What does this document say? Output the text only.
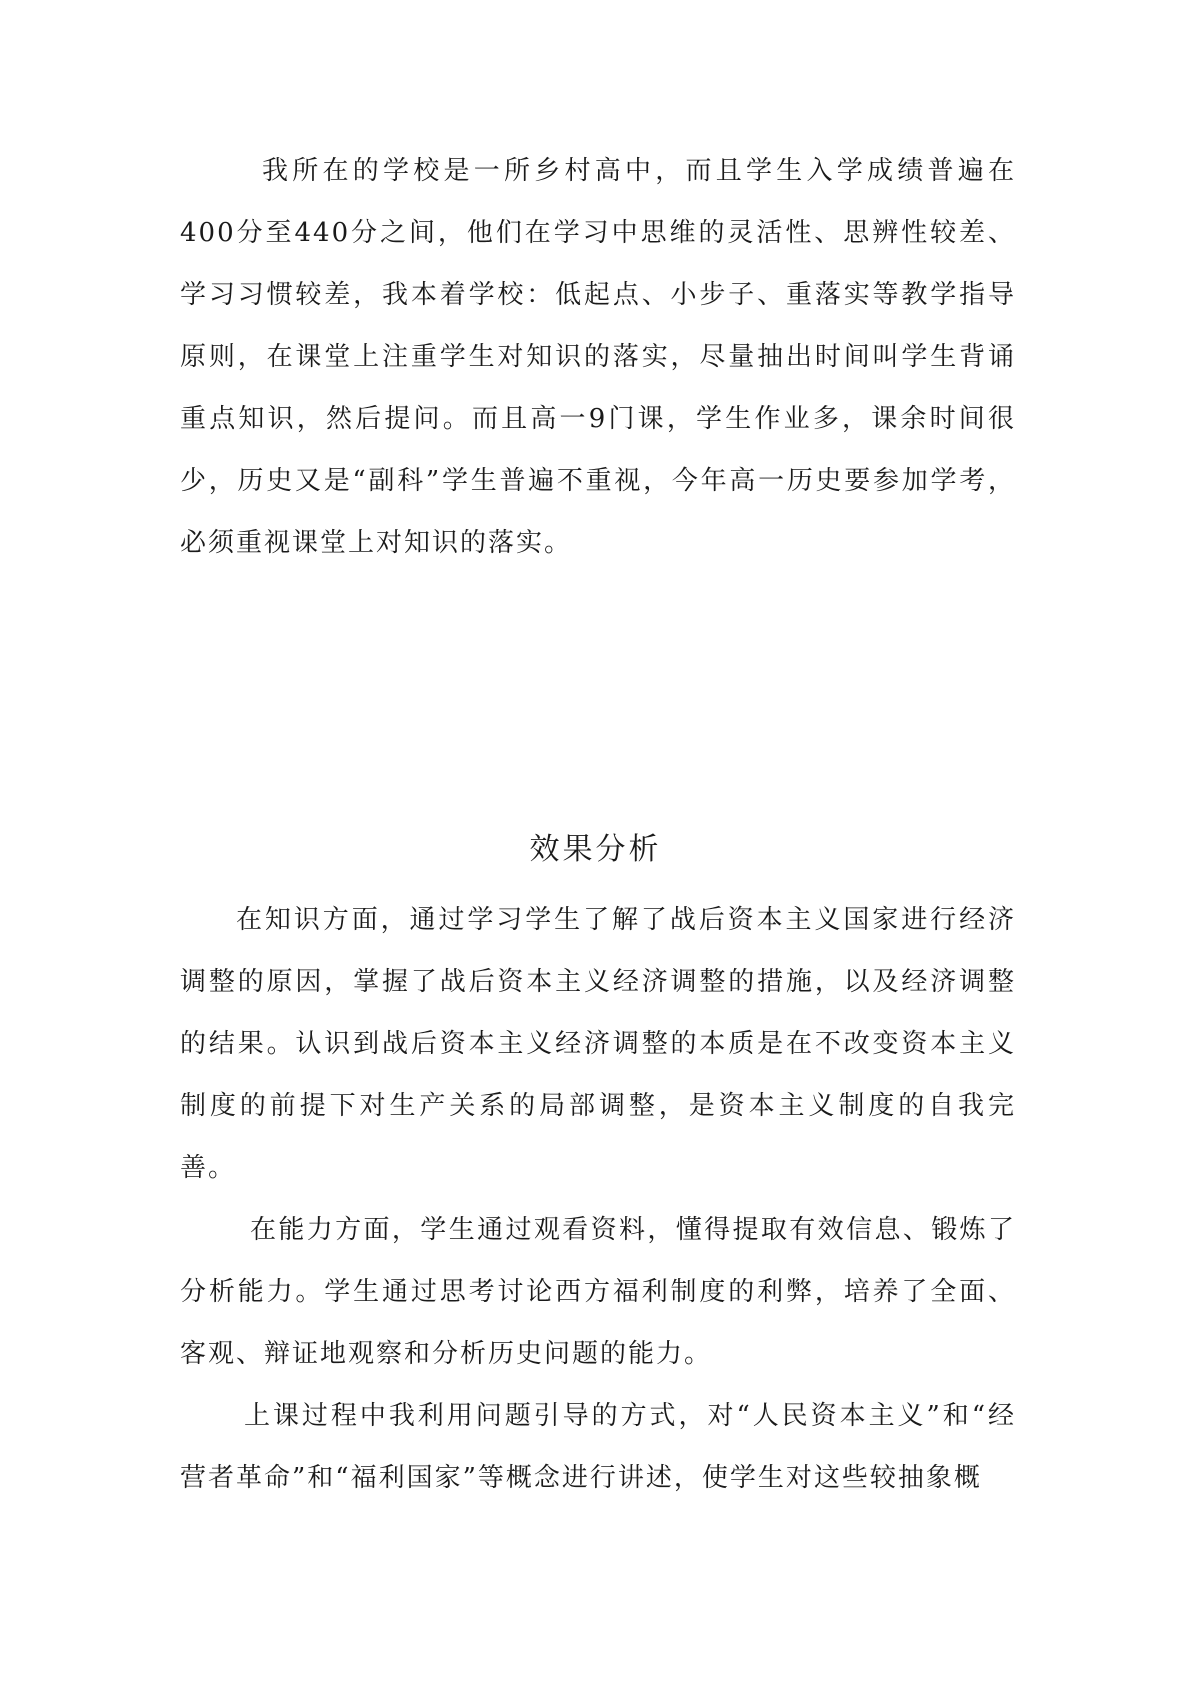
我所在的学校是一所乡村高中，而且学生入学成绩普遍在400分至440分之间，他们在学习中思维的灵活性、思辨性较差、学习习惯较差，我本着学校：低起点、小步子、重落实等教学指导原则，在课堂上注重学生对知识的落实，尽量抽出时间叫学生背诵重点知识，然后提问。而且高一9门课，学生作业多，课余时间很少，历史又是“副科”学生普遍不重视，今年高一历史要参加学考，必须重视课堂上对知识的落实。

效果分析

在知识方面，通过学习学生了解了战后资本主义国家进行经济调整的原因，掌握了战后资本主义经济调整的措施，以及经济调整的结果。认识到战后资本主义经济调整的本质是在不改变资本主义制度的前提下对生产关系的局部调整，是资本主义制度的自我完善。

在能力方面，学生通过观看资料，懂得提取有效信息、锻炼了分析能力。学生通过思考讨论西方福利制度的利弊，培养了全面、客观、辩证地观察和分析历史问题的能力。

上课过程中我利用问题引导的方式，对“人民资本主义”和“经营者革命”和“福利国家”等概念进行讲述，使学生对这些较抽象概
